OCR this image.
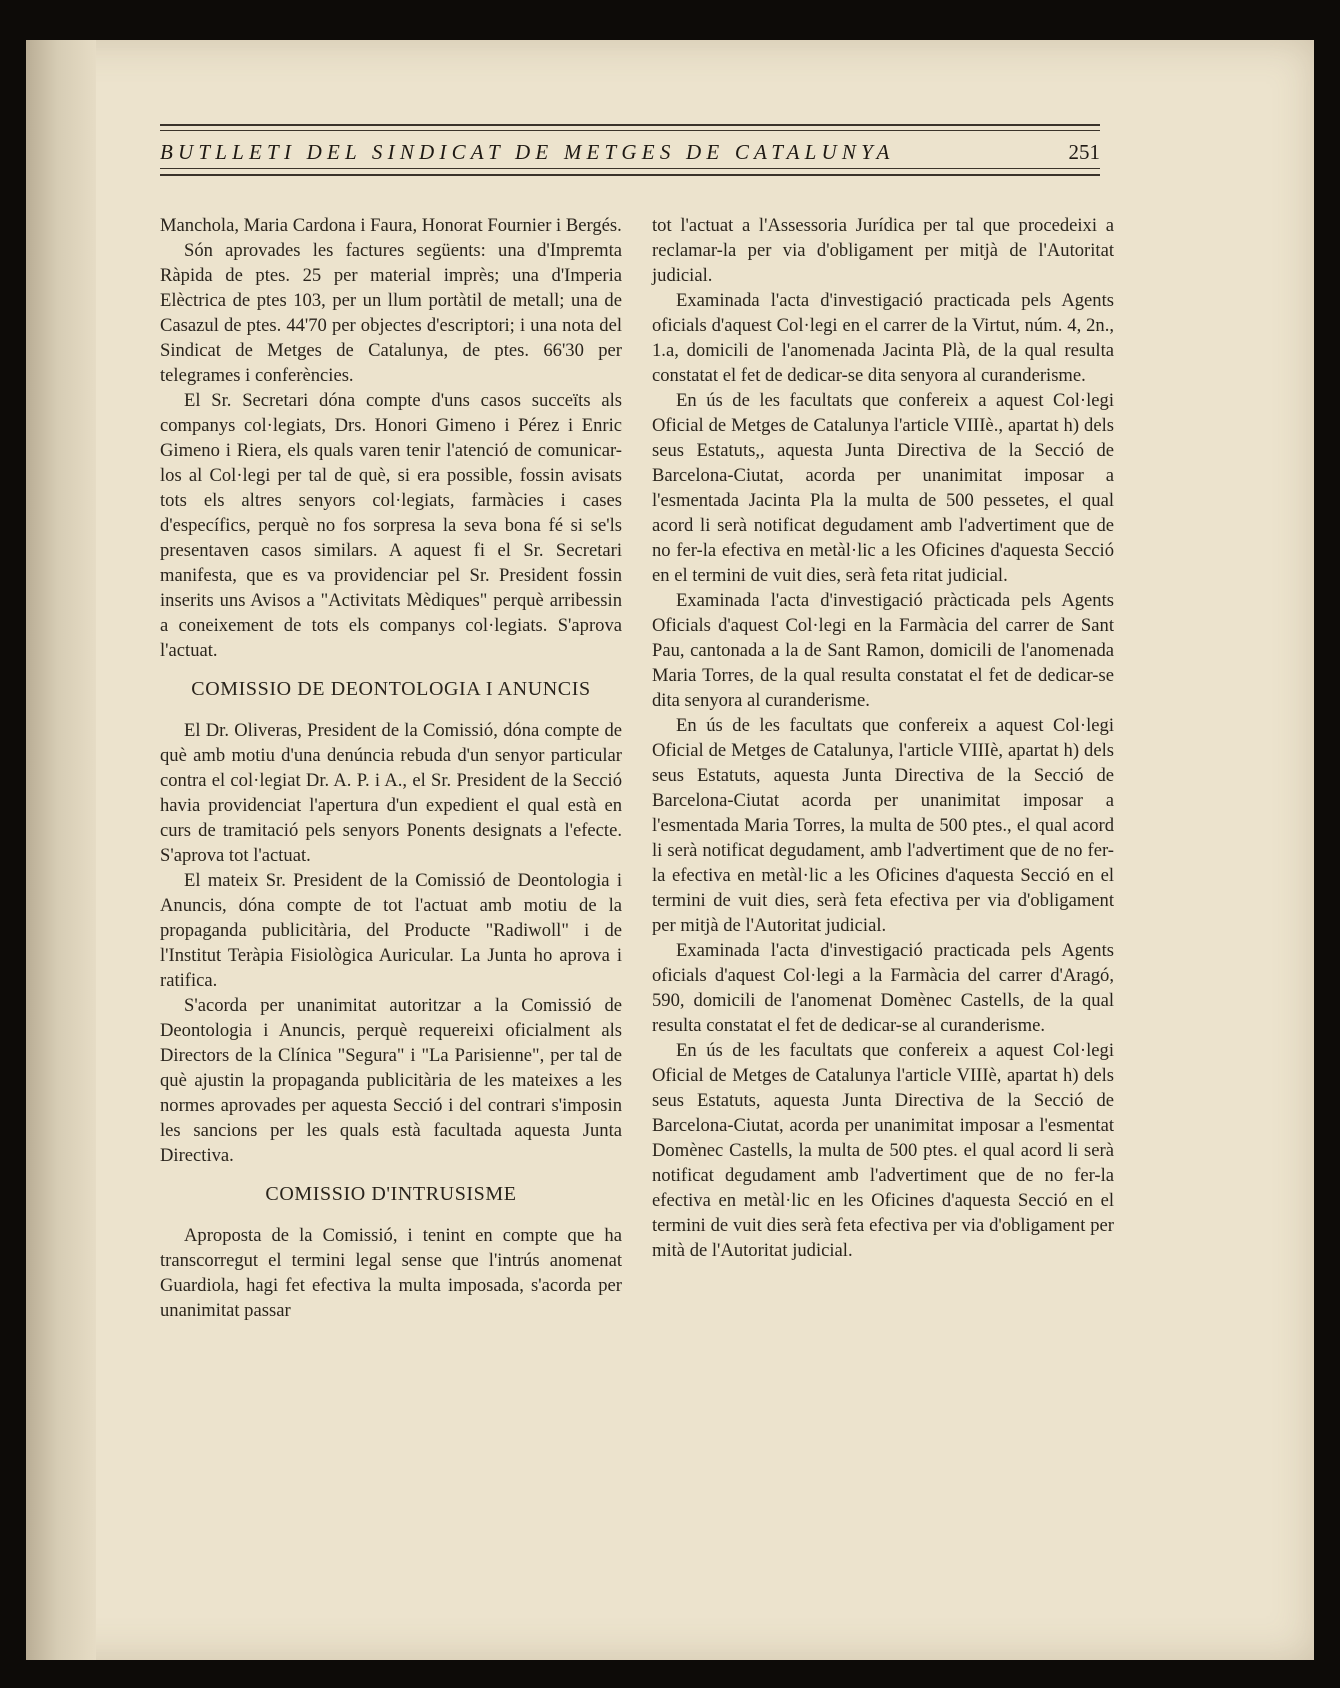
BUTLLETI DEL SINDICAT DE METGES DE CATALUNYA	251

Manchola, Maria Cardona i Faura, Honorat Fournier i Bergés.

Són aprovades les factures següents: una d'Impremta Ràpida de ptes. 25 per material imprès; una d'Imperia Elèctrica de ptes 103, per un llum portàtil de metall; una de Casazul de ptes. 44'70 per objectes d'escriptori; i una nota del Sindicat de Metges de Catalunya, de ptes. 66'30 per telegrames i conferències.

El Sr. Secretari dóna compte d'uns casos succeïts als companys col·legiats, Drs. Honori Gimeno i Pérez i Enric Gimeno i Riera, els quals varen tenir l'atenció de comunicar-los al Col·legi per tal de què, si era possible, fossin avisats tots els altres senyors col·legiats, farmàcies i cases d'específics, perquè no fos sorpresa la seva bona fé si se'ls presentaven casos similars. A aquest fi el Sr. Secretari manifesta, que es va providenciar pel Sr. President fossin inserits uns Avisos a "Activitats Mèdiques" perquè arribessin a coneixement de tots els companys col·legiats. S'aprova l'actuat.

COMISSIO DE DEONTOLOGIA I ANUNCIS

El Dr. Oliveras, President de la Comissió, dóna compte de què amb motiu d'una denúncia rebuda d'un senyor particular contra el col·legiat Dr. A. P. i A., el Sr. President de la Secció havia providenciat l'apertura d'un expedient el qual està en curs de tramitació pels senyors Ponents designats a l'efecte. S'aprova tot l'actuat.

El mateix Sr. President de la Comissió de Deontologia i Anuncis, dóna compte de tot l'actuat amb motiu de la propaganda publicitària, del Producte "Radiwoll" i de l'Institut Teràpia Fisiològica Auricular. La Junta ho aprova i ratifica.

S'acorda per unanimitat autoritzar a la Comissió de Deontologia i Anuncis, perquè requereixi oficialment als Directors de la Clínica "Segura" i "La Parisienne", per tal de què ajustin la propaganda publicitària de les mateixes a les normes aprovades per aquesta Secció i del contrari s'imposin les sancions per les quals està facultada aquesta Junta Directiva.

COMISSIO D'INTRUSISME

Aproposta de la Comissió, i tenint en compte que ha transcorregut el termini legal sense que l'intrús anomenat Guardiola, hagi fet efectiva la multa imposada, s'acorda per unanimitat passar

tot l'actuat a l'Assessoria Jurídica per tal que procedeixi a reclamar-la per via d'obligament per mitjà de l'Autoritat judicial.

Examinada l'acta d'investigació practicada pels Agents oficials d'aquest Col·legi en el carrer de la Virtut, núm. 4, 2n., 1.a, domicili de l'anomenada Jacinta Plà, de la qual resulta constatat el fet de dedicar-se dita senyora al curanderisme.

En ús de les facultats que confereix a aquest Col·legi Oficial de Metges de Catalunya l'article VIIIè., apartat h) dels seus Estatuts,, aquesta Junta Directiva de la Secció de Barcelona-Ciutat, acorda per unanimitat imposar a l'esmentada Jacinta Pla la multa de 500 pessetes, el qual acord li serà notificat degudament amb l'advertiment que de no fer-la efectiva en metàl·lic a les Oficines d'aquesta Secció en el termini de vuit dies, serà feta ritat judicial.

Examinada l'acta d'investigació pràcticada pels Agents Oficials d'aquest Col·legi en la Farmàcia del carrer de Sant Pau, cantonada a la de Sant Ramon, domicili de l'anomenada Maria Torres, de la qual resulta constatat el fet de dedicar-se dita senyora al curanderisme.

En ús de les facultats que confereix a aquest Col·legi Oficial de Metges de Catalunya, l'article VIIIè, apartat h) dels seus Estatuts, aquesta Junta Directiva de la Secció de Barcelona-Ciutat acorda per unanimitat imposar a l'esmentada Maria Torres, la multa de 500 ptes., el qual acord li serà notificat degudament, amb l'advertiment que de no fer-la efectiva en metàl·lic a les Oficines d'aquesta Secció en el termini de vuit dies, serà feta efectiva per via d'obligament per mitjà de l'Autoritat judicial.

Examinada l'acta d'investigació practicada pels Agents oficials d'aquest Col·legi a la Farmàcia del carrer d'Aragó, 590, domicili de l'anomenat Domènec Castells, de la qual resulta constatat el fet de dedicar-se al curanderisme.

En ús de les facultats que confereix a aquest Col·legi Oficial de Metges de Catalunya l'article VIIIè, apartat h) dels seus Estatuts, aquesta Junta Directiva de la Secció de Barcelona-Ciutat, acorda per unanimitat imposar a l'esmentat Domènec Castells, la multa de 500 ptes. el qual acord li serà notificat degudament amb l'advertiment que de no fer-la efectiva en metàl·lic en les Oficines d'aquesta Secció en el termini de vuit dies serà feta efectiva per via d'obligament per mità de l'Autoritat judicial.
